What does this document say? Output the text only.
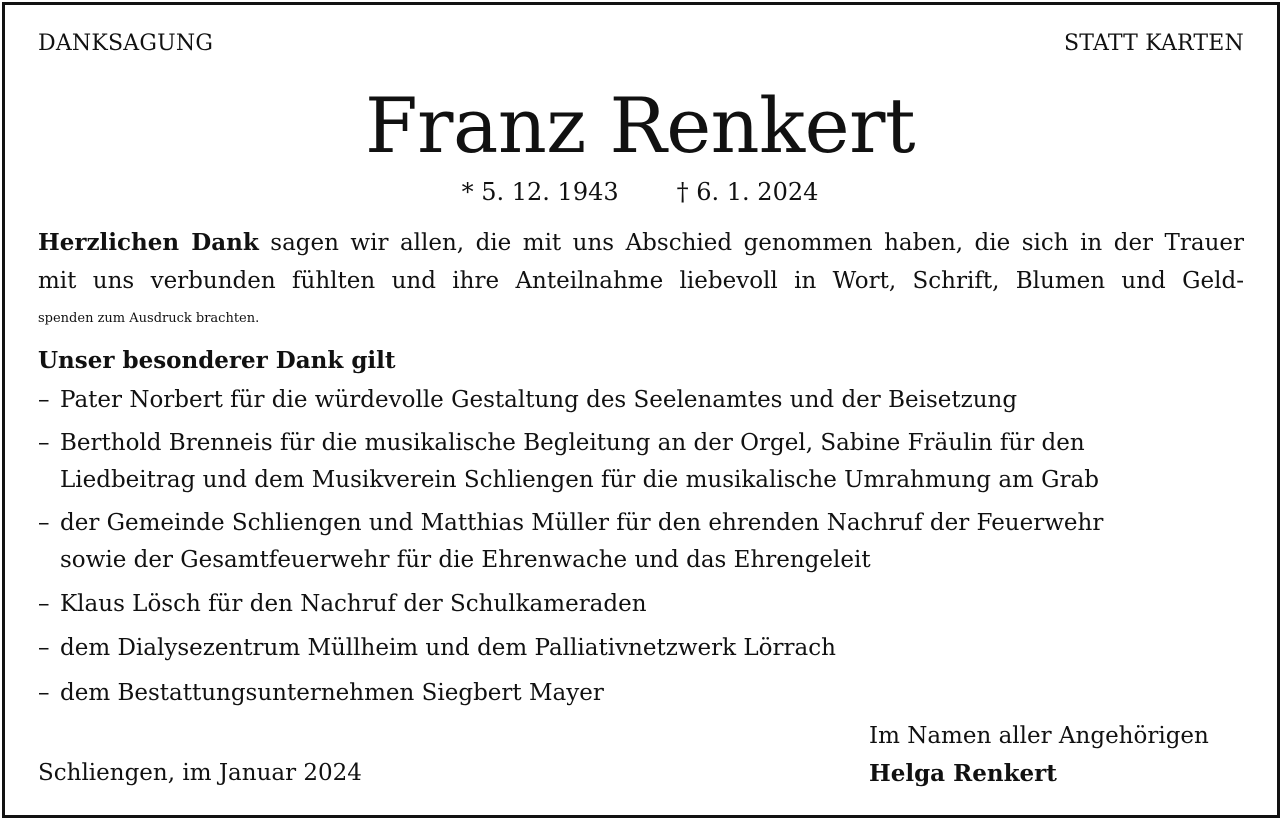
DANKSAGUNG	STATT KARTEN
Franz Renkert
* 5. 12. 1943 † 6. 1. 2024
Herzlichen Dank sagen wir allen, die mit uns Abschied genommen haben, die sich in der Trauer
mit uns verbunden fühlten und ihre Anteilnahme liebevoll in Wort, Schrift, Blumen und Geld-
spenden zum Ausdruck brachten.
Unser besonderer Dank gilt
– Pater Norbert für die würdevolle Gestaltung des Seelenamtes und der Beisetzung
– Berthold Brenneis für die musikalische Begleitung an der Orgel, Sabine Fräulin für den
Liedbeitrag und dem Musikverein Schliengen für die musikalische Umrahmung am Grab
– der Gemeinde Schliengen und Matthias Müller für den ehrenden Nachruf der Feuerwehr
sowie der Gesamtfeuerwehr für die Ehrenwache und das Ehrengeleit
– Klaus Lösch für den Nachruf der Schulkameraden
– dem Dialysezentrum Müllheim und dem Palliativnetzwerk Lörrach
– dem Bestattungsunternehmen Siegbert Mayer
Im Namen aller Angehörigen
Schliengen, im Januar 2024	Helga Renkert
